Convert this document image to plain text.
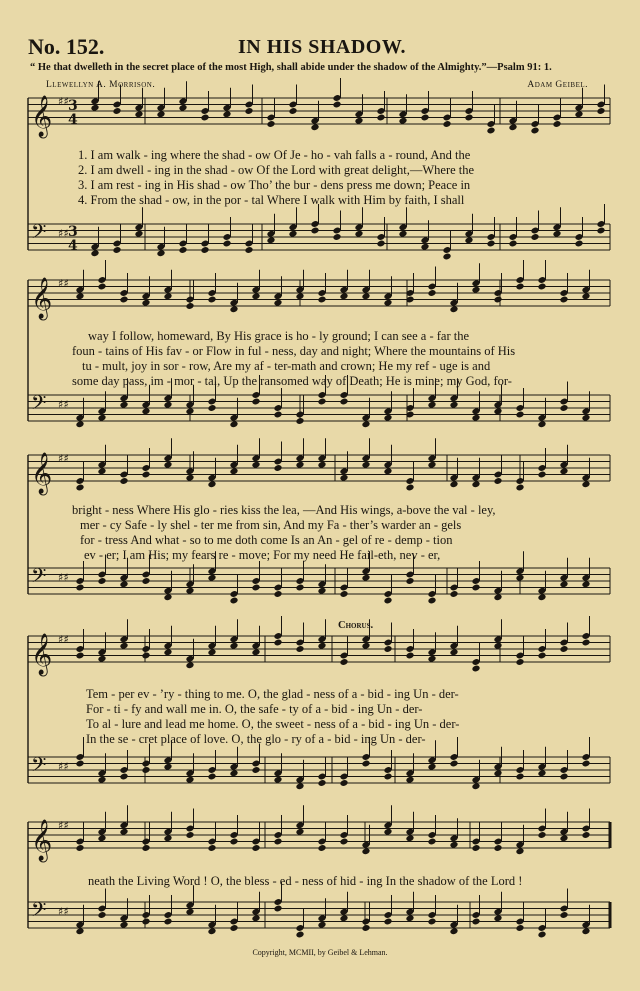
𝄞 ♯♯
𝄢 ♯♯
𝄞 ♯♯
𝄢 ♯♯
𝄞 ♯♯
𝄢 ♯♯
𝄞 ♯♯
𝄢 ♯♯
𝄞 ♯♯
𝄢 ♯♯
3
4
3
4
No. 152.	IN HIS SHADOW.
“ He that dwelleth in the secret place of the most High, shall abide under the shadow of the Almighty.”—Psalm 91: 1.
Llewellyn A. Morrison.	Adam Geibel.
Chorus.
Copyright, MCMII, by Geibel & Lehman.
1. I am walk - ing where the shad - ow Of Je - ho - vah falls a - round, And the
2. I am dwell - ing in the shad - ow Of the Lord with great delight,—Where the
3. I am rest - ing in His shad - ow Tho’ the bur - dens press me down; Peace in
4. From the shad - ow, in the por - tal Where I walk with Him by faith, I shall
way I follow, homeward, By His grace is ho - ly ground; I can see a - far the
foun - tains of His fav - or Flow in ful - ness, day and night; Where the mountains of His
tu - mult, joy in sor - row, Are my af - ter-math and crown; He my ref - uge is and
some day pass, im - mor - tal, Up the ransomed way of Death; He is mine; my God, for-
bright - ness Where His glo - ries kiss the lea, —And His wings, a-bove the val - ley,
mer - cy Safe - ly shel - ter me from sin, And my Fa - ther’s warder an - gels
for - tress And what - so to me doth come Is an An - gel of re - demp - tion
ev - er; I am His; my fears re - move; For my need He fail-eth, nev - er,
Tem - per ev - ’ry - thing to me. O, the glad - ness of a - bid - ing Un - der-
For - ti - fy and wall me in. O, the safe - ty of a - bid - ing Un - der-
To al - lure and lead me home. O, the sweet - ness of a - bid - ing Un - der-
In the se - cret place of love. O, the glo - ry of a - bid - ing Un - der-
neath the Living Word ! O, the bless - ed - ness of hid - ing In the shadow of the Lord !
